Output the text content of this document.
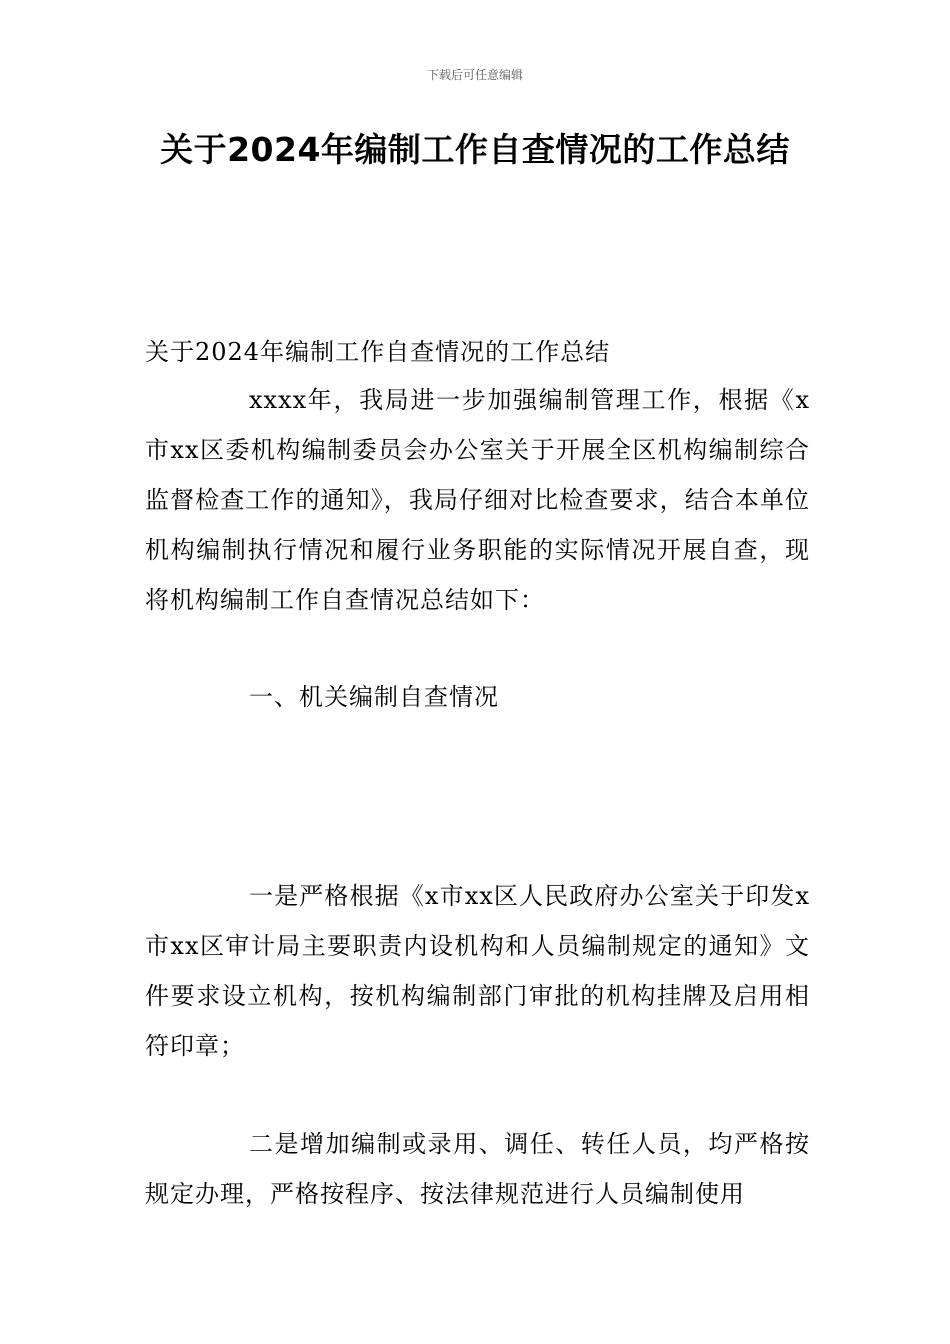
下载后可任意编辑
关于2024年编制工作自查情况的工作总结
关于2024年编制工作自查情况的工作总结
xxxx年，我局进一步加强编制管理工作，根据《x市xx区委机构编制委员会办公室关于开展全区机构编制综合监督检查工作的通知》，我局仔细对比检查要求，结合本单位机构编制执行情况和履行业务职能的实际情况开展自查，现将机构编制工作自查情况总结如下：
一、机关编制自查情况
一是严格根据《x市xx区人民政府办公室关于印发x市xx区审计局主要职责内设机构和人员编制规定的通知》文件要求设立机构，按机构编制部门审批的机构挂牌及启用相符印章；
二是增加编制或录用、调任、转任人员，均严格按规定办理，严格按程序、按法律规范进行人员编制使用
